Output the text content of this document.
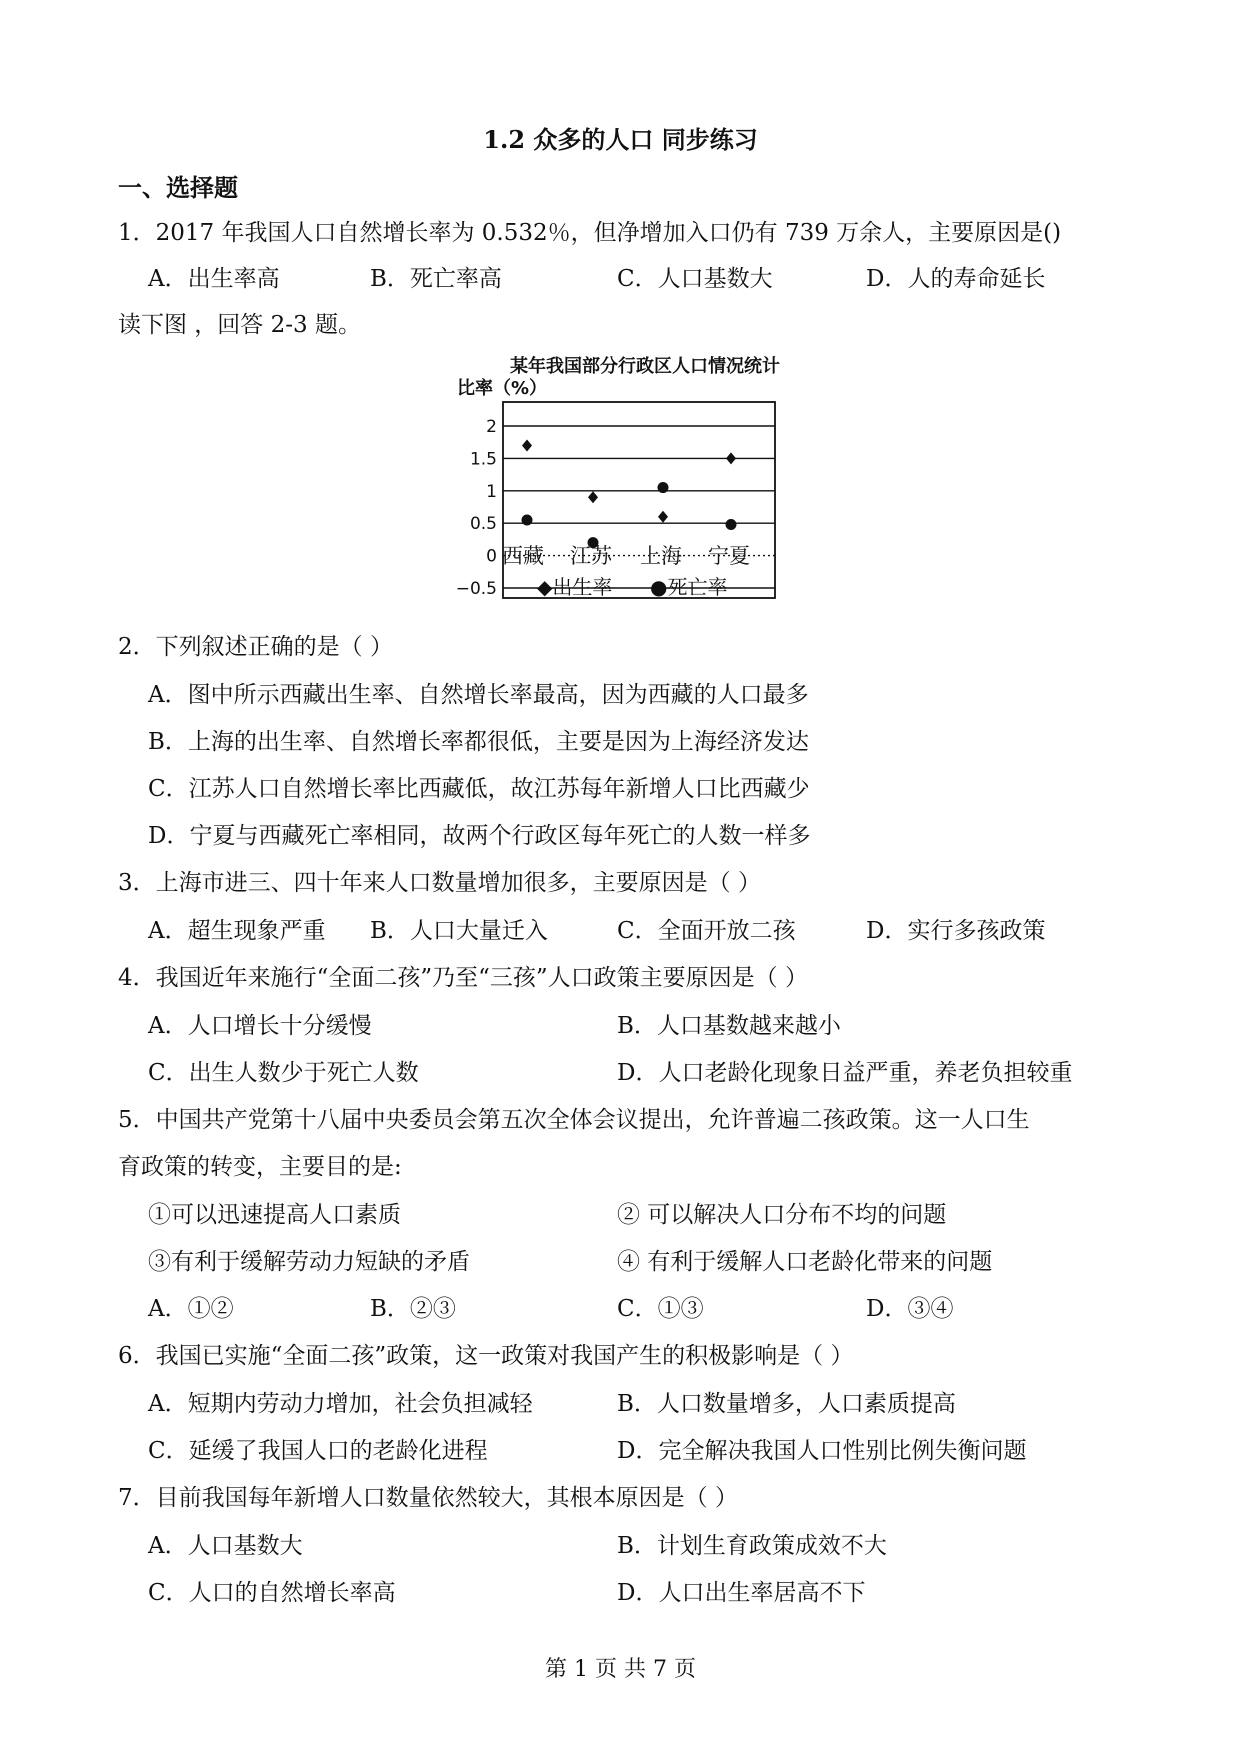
1.2 众多的人口 同步练习
一、选择题
1．2017 年我国人口自然增长率为 0.532％，但净增加入口仍有 739 万余人，主要原因是()
A．出生率高	B．死亡率高	C．人口基数大	D．人的寿命延长
读下图 ，回答 2-3 题。
某年我国部分行政区人口情况统计
比率（%）
2
1.5
1
0.5
0
−0.5
西藏 江苏 上海 宁夏
◆出生率 ●死亡率
2．下列叙述正确的是（ ）
A．图中所示西藏出生率、自然增长率最高，因为西藏的人口最多
B．上海的出生率、自然增长率都很低，主要是因为上海经济发达
C．江苏人口自然增长率比西藏低，故江苏每年新增人口比西藏少
D．宁夏与西藏死亡率相同，故两个行政区每年死亡的人数一样多
3．上海市进三、四十年来人口数量增加很多，主要原因是（ ）
A．超生现象严重 B．人口大量迁入	C．全面开放二孩	D．实行多孩政策
4．我国近年来施行“全面二孩”乃至“三孩”人口政策主要原因是（ ）
A．人口增长十分缓慢	B．人口基数越来越小
C．出生人数少于死亡人数	D．人口老龄化现象日益严重，养老负担较重
5．中国共产党第十八届中央委员会第五次全体会议提出，允许普遍二孩政策。这一人口生
育政策的转变，主要目的是:
①可以迅速提高人口素质	② 可以解决人口分布不均的问题
③有利于缓解劳动力短缺的矛盾	④ 有利于缓解人口老龄化带来的问题
A．①②	B．②③	C．①③	D．③④
6．我国已实施“全面二孩”政策，这一政策对我国产生的积极影响是（ ）
A．短期内劳动力增加，社会负担减轻	B．人口数量增多，人口素质提高
C．延缓了我国人口的老龄化进程	D．完全解决我国人口性别比例失衡问题
7．目前我国每年新增人口数量依然较大，其根本原因是（ ）
A．人口基数大	B．计划生育政策成效不大
C．人口的自然增长率高	D．人口出生率居高不下
第 1 页 共 7 页
